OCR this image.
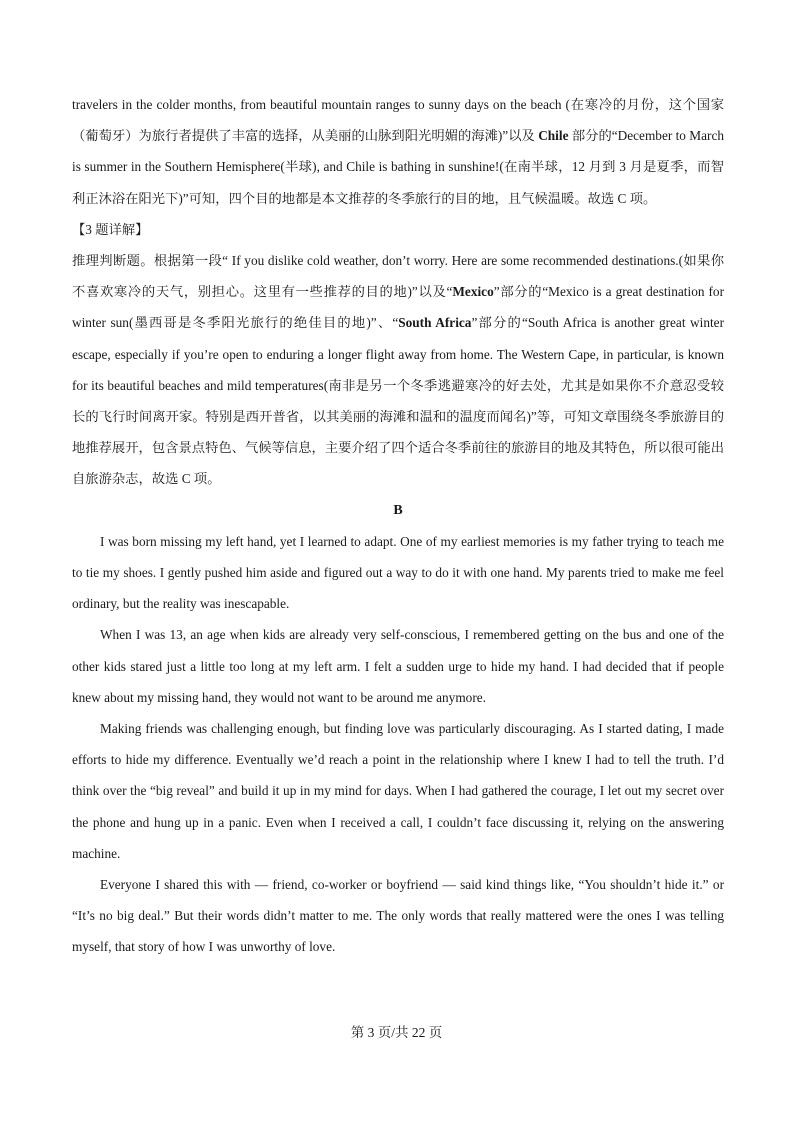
travelers in the colder months, from beautiful mountain ranges to sunny days on the beach (在寒冷的月份，这个国家（葡萄牙）为旅行者提供了丰富的选择，从美丽的山脉到阳光明媚的海滩)”以及 Chile 部分的“December to March is summer in the Southern Hemisphere(半球), and Chile is bathing in sunshine!(在南半球，12 月到 3 月是夏季，而智利正沐浴在阳光下)”可知，四个目的地都是本文推荐的冬季旅行的目的地，且气候温暖。故选 C 项。

【3 题详解】

推理判断题。根据第一段“ If you dislike cold weather, don’t worry. Here are some recommended destinations.(如果你不喜欢寒冷的天气，别担心。这里有一些推荐的目的地)”以及“Mexico”部分的“Mexico is a great destination for winter sun(墨西哥是冬季阳光旅行的绝佳目的地)”、“South Africa”部分的“South Africa is another great winter escape, especially if you’re open to enduring a longer flight away from home. The Western Cape, in particular, is known for its beautiful beaches and mild temperatures(南非是另一个冬季逃避寒冷的好去处，尤其是如果你不介意忍受较长的飞行时间离开家。特别是西开普省，以其美丽的海滩和温和的温度而闻名)”等，可知文章围绕冬季旅游目的地推荐展开，包含景点特色、气候等信息，主要介绍了四个适合冬季前往的旅游目的地及其特色，所以很可能出自旅游杂志，故选 C 项。

B

I was born missing my left hand, yet I learned to adapt. One of my earliest memories is my father trying to teach me to tie my shoes. I gently pushed him aside and figured out a way to do it with one hand. My parents tried to make me feel ordinary, but the reality was inescapable.

When I was 13, an age when kids are already very self-conscious, I remembered getting on the bus and one of the other kids stared just a little too long at my left arm. I felt a sudden urge to hide my hand. I had decided that if people knew about my missing hand, they would not want to be around me anymore.

Making friends was challenging enough, but finding love was particularly discouraging. As I started dating, I made efforts to hide my difference. Eventually we’d reach a point in the relationship where I knew I had to tell the truth. I’d think over the “big reveal” and build it up in my mind for days. When I had gathered the courage, I let out my secret over the phone and hung up in a panic. Even when I received a call, I couldn’t face discussing it, relying on the answering machine.

Everyone I shared this with — friend, co-worker or boyfriend — said kind things like, “You shouldn’t hide it.” or “It’s no big deal.” But their words didn’t matter to me. The only words that really mattered were the ones I was telling myself, that story of how I was unworthy of love.

第 3 页/共 22 页
